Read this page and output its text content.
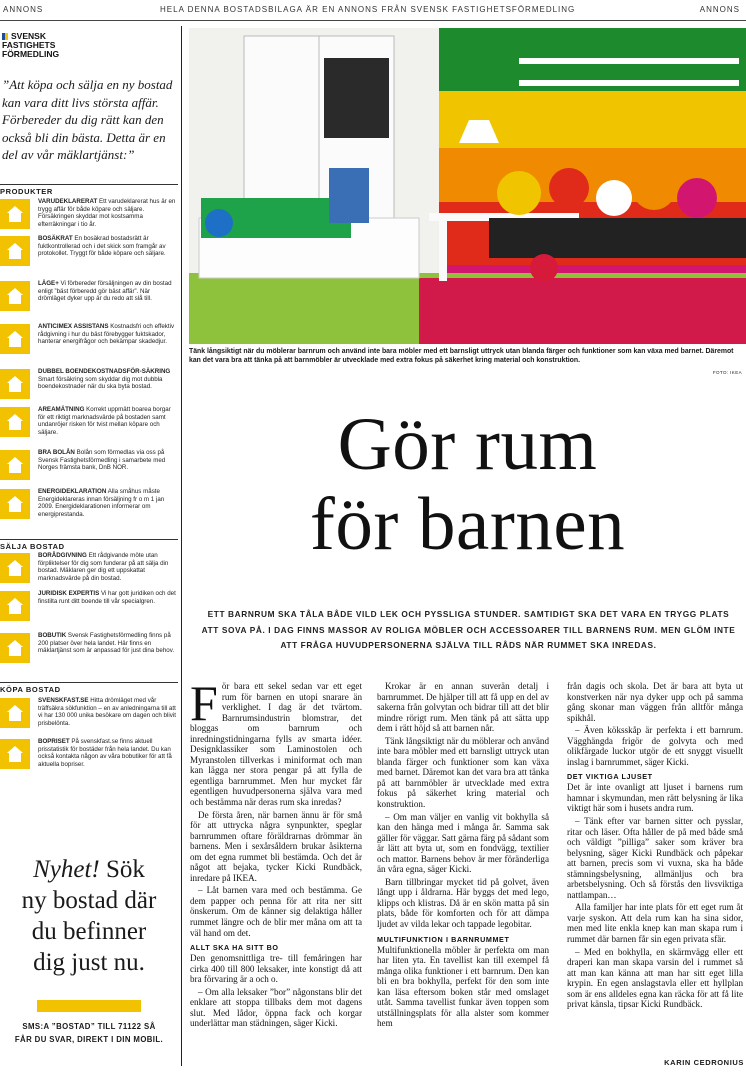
ANNONS	HELA DENNA BOSTADSBILAGA ÄR EN ANNONS FRÅN SVENSK FASTIGHETSFÖRMEDLING	ANNONS
SVENSK
FASTIGHETS
FÖRMEDLING
”Att köpa och sälja en ny bostad kan vara ditt livs största affär. Förbereder du dig rätt kan den också bli din bästa. Detta är en del av vår mäklartjänst:”
PRODUKTER
VARUDEKLARERAT Ett varudeklarerat hus är en trygg affär för både köpare och säljare. Försäkringen skyddar mot kostsamma efterräkningar i tio år.
BOSÄKRAT En bosäkrad bostadsrätt är fuktkontrollerad och i det skick som framgår av protokollet. Tryggt för både köpare och säljare.
LÄGE+ Vi förbereder försäljningen av din bostad enligt ”bäst förberedd gör bäst affär”. När drömläget dyker upp är du redo att slå till.
ANTICIMEX ASSISTANS Kostnadsfri och effektiv rådgivning i hur du bäst förebygger fuktskador, hanterar energifrågor och bekämpar skadedjur.
DUBBEL BOENDEKOSTNADSFÖR-SÄKRING Smart försäkring som skyddar dig mot dubbla boendekostnader när du ska byta bostad.
AREAMÄTNING Korrekt uppmätt boarea borgar för ett riktigt marknadsvärde på bostaden samt undanröjer risken för tvist mellan köpare och säljare.
BRA BOLÅN Bolån som förmedlas via oss på Svensk Fastighetsförmedling i samarbete med Norges främsta bank, DnB NOR.
ENERGIDEKLARATION Alla småhus måste Energideklareras innan försäljning fr o m 1 jan 2009. Energideklarationen informerar om energiprestanda.
SÄLJA BOSTAD
BORÅDGIVNING Ett rådgivande möte utan förpliktelser för dig som funderar på att sälja din bostad. Mäklaren ger dig ett uppskattat marknadsvärde på din bostad.
JURIDISK EXPERTIS Vi har gott juridiken och det finstilta runt ditt boende till vår specialgren.
BOBUTIK Svensk Fastighetsförmedling finns på 200 platser över hela landet. Här finns en mäklartjänst som är anpassad för just dina behov.
KÖPA BOSTAD
SVENSKFAST.SE Hitta drömläget med vår träffsäkra sökfunktion – en av anledningarna till att vi har 130 000 unika besökare om dagen och blivit prisbelönta.
BOPRISET På svenskfast.se finns aktuell prisstatistik för bostäder från hela landet. Du kan också kontakta någon av våra bobutiker för att få aktuella bopriser.
Nyhet! Sök
ny bostad där
du befinner
dig just nu.
SMS:A ”BOSTAD” TILL 71122 SÅ
FÅR DU SVAR, DIREKT I DIN MOBIL.
Tänk långsiktigt när du möblerar barnrum och använd inte bara möbler med ett barnsligt uttryck utan blanda färger och funktioner som kan växa med barnet. Däremot kan det vara bra att tänka på att barnmöbler är utvecklade med extra fokus på säkerhet kring material och konstruktion.
FOTO: IKEA
Gör rum
för barnen
ETT BARNRUM SKA TÅLA BÅDE VILD LEK OCH PYSSLIGA STUNDER. SAMTIDIGT SKA DET VARA EN TRYGG PLATS ATT SOVA PÅ. I DAG FINNS MASSOR AV ROLIGA MÖBLER OCH ACCESSOARER TILL BARNENS RUM. MEN GLÖM INTE ATT FRÅGA HUVUDPERSONERNA SJÄLVA TILL RÅDS NÄR RUMMET SKA INREDAS.

För bara ett sekel sedan var ett eget rum för barnen en utopi snarare än verklighet. I dag är det tvärtom. Barnrumsindustrin blomstrar, det bloggas om barnrum och inredningstidningarna fylls av smarta idéer. Designklassiker som Laminostolen och Myranstolen tillverkas i miniformat och man kan lägga ner stora pengar på att fylla de egentliga barnrummet. Men hur mycket får egentligen huvudpersonerna själva vara med och bestämma när deras rum ska inredas?

De första åren, när barnen ännu är för små för att uttrycka några synpunkter, speglar barnrummen oftare föräldrarnas drömmar än barnens. Men i sexårsåldern brukar åsikterna om det egna rummet bli bestämda. Och det är något att bejaka, tycker Kicki Rundbäck, inredare på IKEA.

– Låt barnen vara med och bestämma. Ge dem papper och penna för att rita ner sitt önskerum. Om de känner sig delaktiga håller rummet längre och de blir mer måna om att ta väl hand om det.

ALLT SKA HA SITT BO

Den genomsnittliga tre- till femåringen har cirka 400 till 800 leksaker, inte konstigt då att bra förvaring är a och o.

– Om alla leksaker ”bor” någonstans blir det enklare att stoppa tillbaks dem mot dagens slut. Med lådor, öppna fack och korgar underlättar man städningen, säger Kicki.

Krokar är en annan suverän detalj i barnrummet. De hjälper till att få upp en del av sakerna från golvytan och bidrar till att det blir mindre rörigt rum. Men tänk på att sätta upp dem i rätt höjd så att barnen når.

Tänk långsiktigt när du möblerar och använd inte bara möbler med ett barnsligt uttryck utan blanda färger och funktioner som kan växa med barnet. Däremot kan det vara bra att tänka på att barnmöbler är utvecklade med extra fokus på säkerhet kring material och konstruktion.

– Om man väljer en vanlig vit bokhylla så kan den hänga med i många år. Samma sak gäller för väggar. Satt gärna färg på sådant som är lätt att byta ut, som en fondvägg, textilier och mattor. Barnens behov är mer föränderliga än våra egna, säger Kicki.

Barn tillbringar mycket tid på golvet, även långt upp i åldrarna. Här byggs det med lego, klipps och klistras. Då är en skön matta på sin plats, både för komforten och för att dämpa ljudet av vilda lekar och tappade legobitar.

MULTIFUNKTION I BARNRUMMET

Multifunktionella möbler är perfekta om man har liten yta. En tavellist kan till exempel få många olika funktioner i ett barnrum. Den kan bli en bra bokhylla, perfekt för den som inte kan läsa eftersom boken står med omslaget utåt. Samma tavellist funkar även toppen som utställningsplats för alla alster som kommer hem

från dagis och skola. Det är bara att byta ut konstverken när nya dyker upp och på samma gång skonar man väggen från alltför många spikhål.

– Även köksskåp är perfekta i ett barnrum. Vägghängda frigör de golvyta och med olikfärgade luckor utgör de ett snyggt visuellt inslag i barnrummet, säger Kicki.

DET VIKTIGA LJUSET

Det är inte ovanligt att ljuset i barnens rum hamnar i skymundan, men rätt belysning är lika viktigt här som i husets andra rum.

– Tänk efter var barnen sitter och pysslar, ritar och läser. Ofta håller de på med både små och väldigt ”pilliga” saker som kräver bra belysning, säger Kicki Rundbäck och påpekar att barnen, precis som vi vuxna, ska ha både stämningsbelysning, allmänljus och bra arbetsbelysning. Och så förstås den livsviktiga nattlampan…

Alla familjer har inte plats för ett eget rum åt varje syskon. Att dela rum kan ha sina sidor, men med lite enkla knep kan man skapa rum i rummet där barnen får sin egen privata sfär.

– Med en bokhylla, en skärmvägg eller ett draperi kan man skapa varsin del i rummet så att man kan känna att man har sitt eget lilla krypin. En egen anslagstavla eller ett hyllplan som är ens alldeles egna kan räcka för att få lite privat känsla, tipsar Kicki Rundbäck.

KARIN CEDRONIUS
